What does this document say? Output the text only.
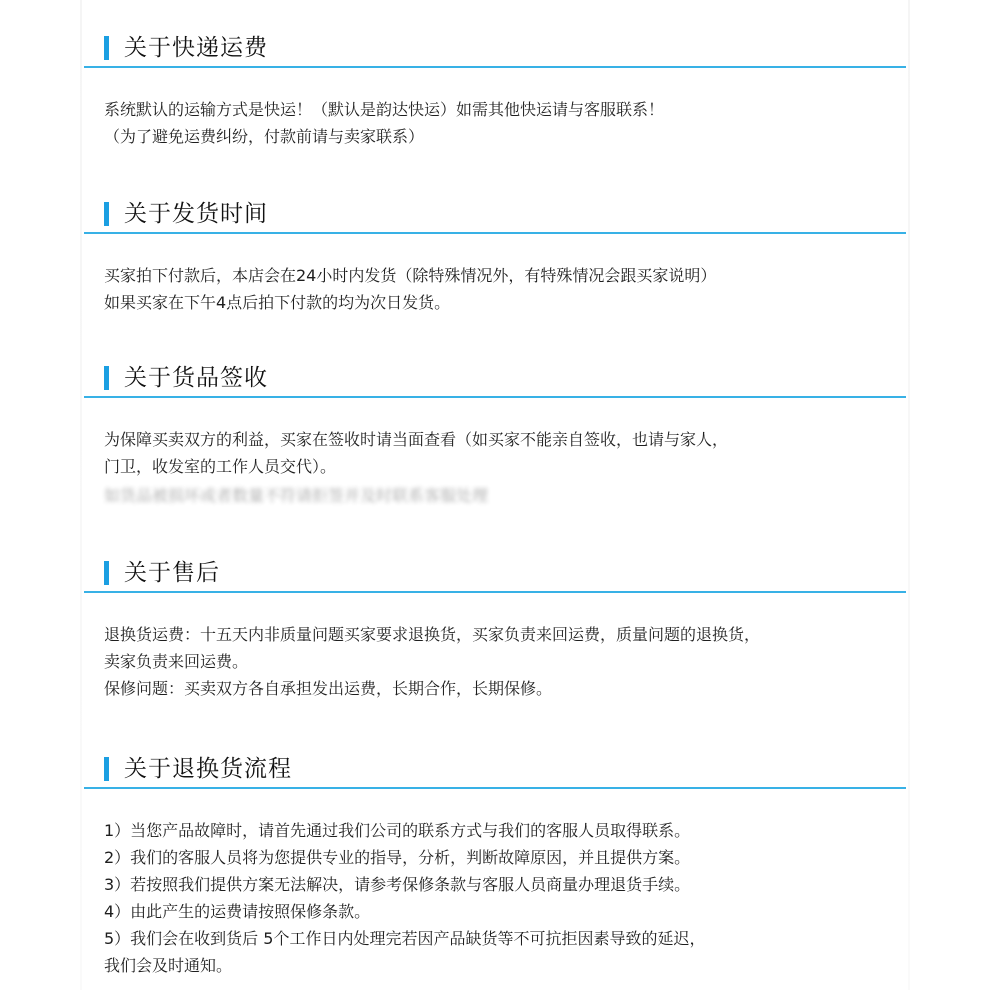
关于快递运费
系统默认的运输方式是快运！（默认是韵达快运）如需其他快运请与客服联系！
（为了避免运费纠纷，付款前请与卖家联系）
关于发货时间
买家拍下付款后，本店会在24小时内发货（除特殊情况外，有特殊情况会跟买家说明）
如果买家在下午4点后拍下付款的均为次日发货。
关于货品签收
为保障买卖双方的利益，买家在签收时请当面查看（如买家不能亲自签收，也请与家人，
门卫，收发室的工作人员交代）。
如货品被损坏或者数量不符请拒签并及时联系客服处理
关于售后
退换货运费：十五天内非质量问题买家要求退换货，买家负责来回运费，质量问题的退换货，
卖家负责来回运费。
保修问题：买卖双方各自承担发出运费，长期合作，长期保修。
关于退换货流程
1）当您产品故障时，请首先通过我们公司的联系方式与我们的客服人员取得联系。
2）我们的客服人员将为您提供专业的指导，分析，判断故障原因，并且提供方案。
3）若按照我们提供方案无法解决，请参考保修条款与客服人员商量办理退货手续。
4）由此产生的运费请按照保修条款。
5）我们会在收到货后 5个工作日内处理完若因产品缺货等不可抗拒因素导致的延迟，
我们会及时通知。
